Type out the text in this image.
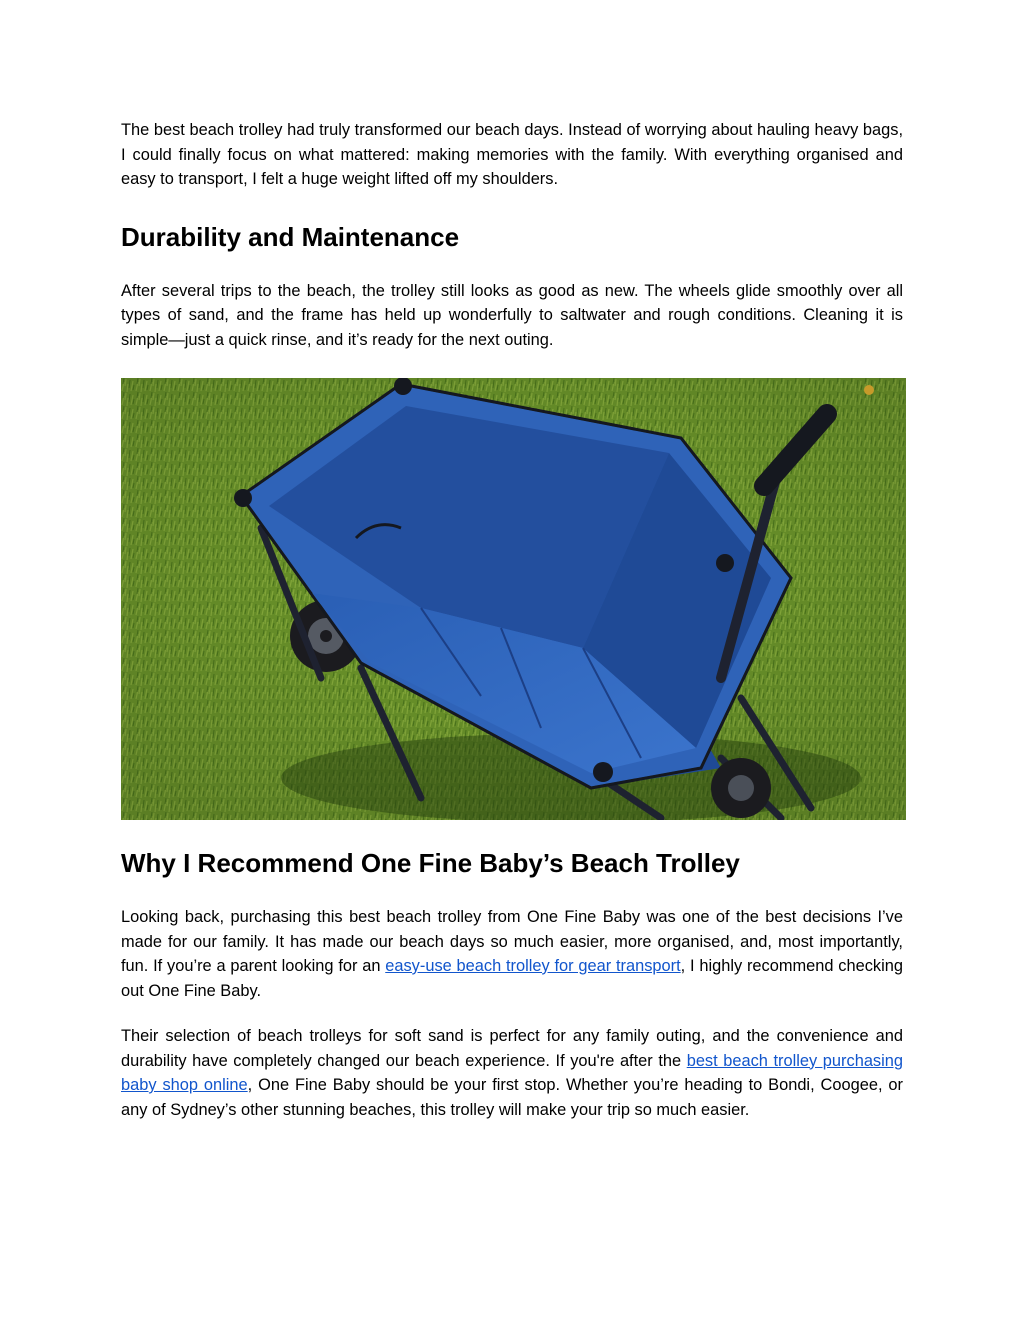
The best beach trolley had truly transformed our beach days. Instead of worrying about hauling heavy bags, I could finally focus on what mattered: making memories with the family. With everything organised and easy to transport, I felt a huge weight lifted off my shoulders.

Durability and Maintenance

After several trips to the beach, the trolley still looks as good as new. The wheels glide smoothly over all types of sand, and the frame has held up wonderfully to saltwater and rough conditions. Cleaning it is simple—just a quick rinse, and it’s ready for the next outing.

Why I Recommend One Fine Baby’s Beach Trolley

Looking back, purchasing this best beach trolley from One Fine Baby was one of the best decisions I’ve made for our family. It has made our beach days so much easier, more organised, and, most importantly, fun. If you’re a parent looking for an easy-use beach trolley for gear transport, I highly recommend checking out One Fine Baby.

Their selection of beach trolleys for soft sand is perfect for any family outing, and the convenience and durability have completely changed our beach experience. If you're after the best beach trolley purchasing baby shop online, One Fine Baby should be your first stop. Whether you’re heading to Bondi, Coogee, or any of Sydney’s other stunning beaches, this trolley will make your trip so much easier.
